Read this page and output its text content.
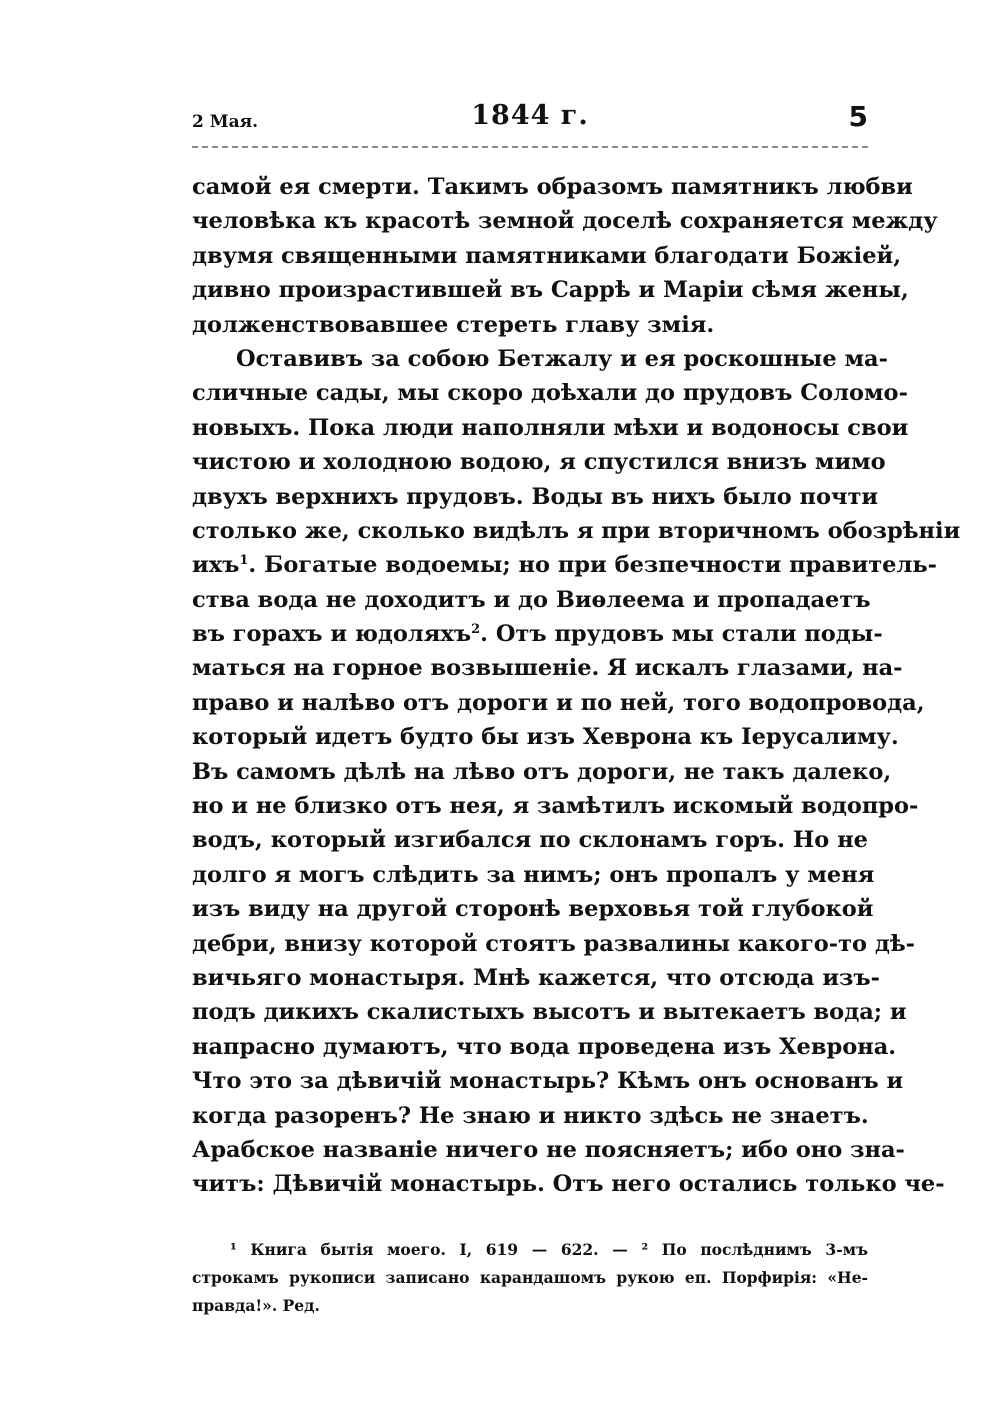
2 Мая.	1844 г.	5
самой ея смерти. Такимъ образомъ памятникъ любви
человѣка къ красотѣ земной доселѣ сохраняется между
двумя священными памятниками благодати Божіей,
дивно произрастившей въ Саррѣ и Маріи сѣмя жены,
долженствовавшее стереть главу змія.
Оставивъ за собою Бетжалу и ея роскошные ма-
сличные сады, мы скоро доѣхали до прудовъ Соломо-
новыхъ. Пока люди наполняли мѣхи и водоносы свои
чистою и холодною водою, я спустился внизъ мимо
двухъ верхнихъ прудовъ. Воды въ нихъ было почти
столько же, сколько видѣлъ я при вторичномъ обозрѣніи
ихъ$^1$. Богатые водоемы; но при безпечности правитель-
ства вода не доходитъ и до Виѳлеема и пропадаетъ
въ горахъ и юдоляхъ$^2$. Отъ прудовъ мы стали поды-
маться на горное возвышеніе. Я искалъ глазами, на-
право и налѣво отъ дороги и по ней, того водопровода,
который идетъ будто бы изъ Хеврона къ Іерусалиму.
Въ самомъ дѣлѣ на лѣво отъ дороги, не такъ далеко,
но и не близко отъ нея, я замѣтилъ искомый водопро-
водъ, который изгибался по склонамъ горъ. Но не
долго я могъ слѣдить за нимъ; онъ пропалъ у меня
изъ виду на другой сторонѣ верховья той глубокой
дебри, внизу которой стоятъ развалины какого-то дѣ-
вичьяго монастыря. Мнѣ кажется, что отсюда изъ-
подъ дикихъ скалистыхъ высотъ и вытекаетъ вода; и
напрасно думаютъ, что вода проведена изъ Хеврона.
Что это за дѣвичій монастырь? Кѣмъ онъ основанъ и
когда разоренъ? Не знаю и никто здѣсь не знаетъ.
Арабское названіе ничего не поясняетъ; ибо оно зна-
читъ: Дѣвичій монастырь. Отъ него остались только че-
¹ Книга бытія моего. I, 619 — 622. — ² По послѣднимъ 3-мъ
строкамъ рукописи записано карандашомъ рукою еп. Порфирія: «Не-
правда!». Ред.
